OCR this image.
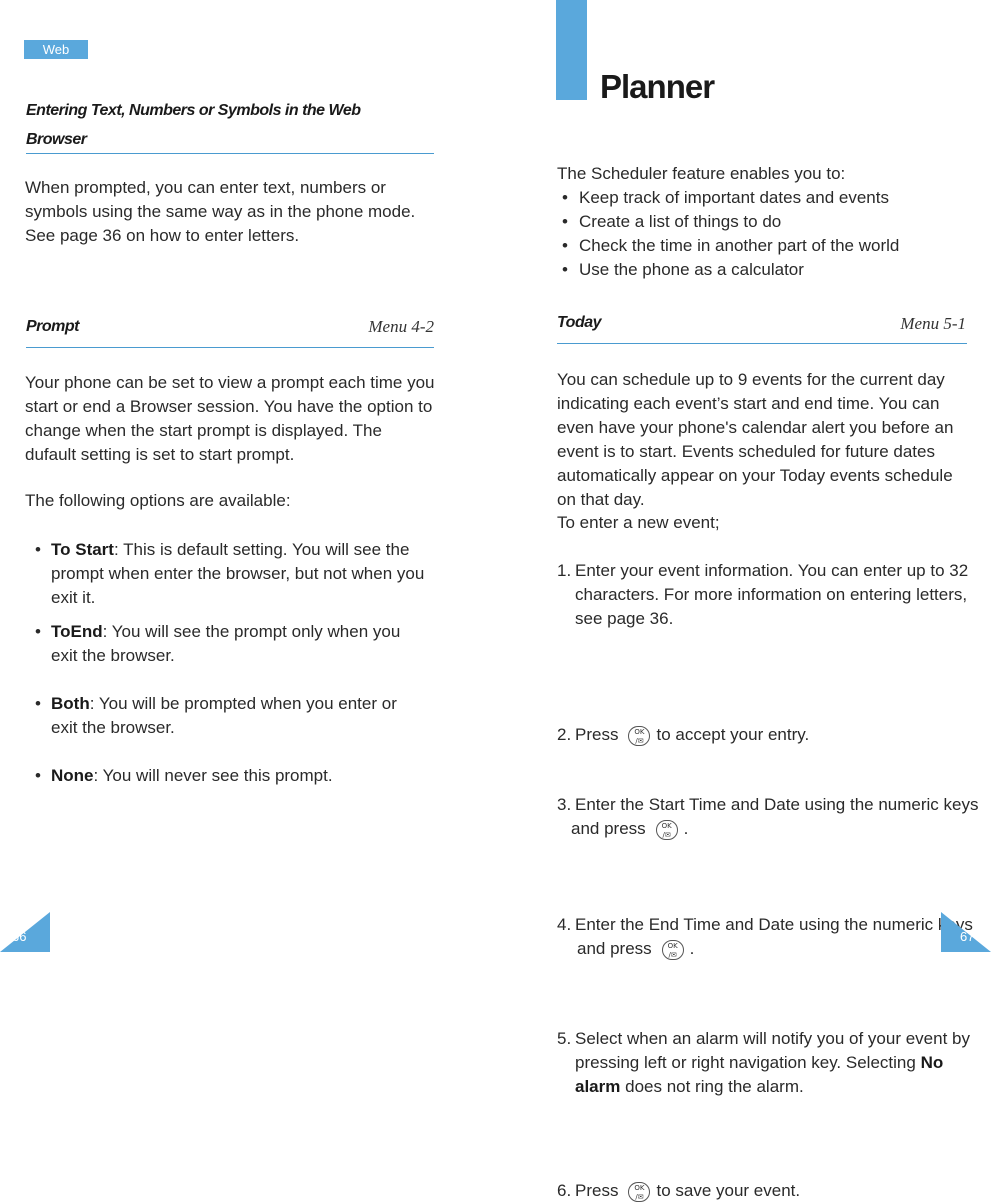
Web
Entering Text, Numbers or Symbols in the Web
Browser
When prompted, you can enter text, numbers or symbols using the same way as in the phone mode. See page 36 on how to enter letters.
Prompt	Menu 4-2
Your phone can be set to view a prompt each time you start or end a Browser session. You have the option to change when the start prompt is displayed. The dufault setting is set to start prompt.
The following options are available:
• To Start: This is default setting. You will see the prompt when enter the browser, but not when you exit it.
• ToEnd: You will see the prompt only when you exit the browser.
• Both: You will be prompted when you enter or exit the browser.
• None: You will never see this prompt.
66
Planner
The Scheduler feature enables you to:
• Keep track of important dates and events
• Create a list of things to do
• Check the time in another part of the world
• Use the phone as a calculator
Today	Menu 5-1
You can schedule up to 9 events for the current day indicating each event’s start and end time. You can even have your phone's calendar alert you before an event is to start. Events scheduled for future dates automatically appear on your Today events schedule on that day.
To enter a new event;
1. Enter your event information. You can enter up to 32 characters. For more information on entering letters, see page 36.
2. Press OK
/✉ to accept your entry.
3. Enter the Start Time and Date using the numeric keys
and press OK
/✉ .
4. Enter the End Time and Date using the numeric keys
and press OK
/✉ .
5. Select when an alarm will notify you of your event by pressing left or right navigation key. Selecting No alarm does not ring the alarm.
6. Press OK
/✉ to save your event.
67
